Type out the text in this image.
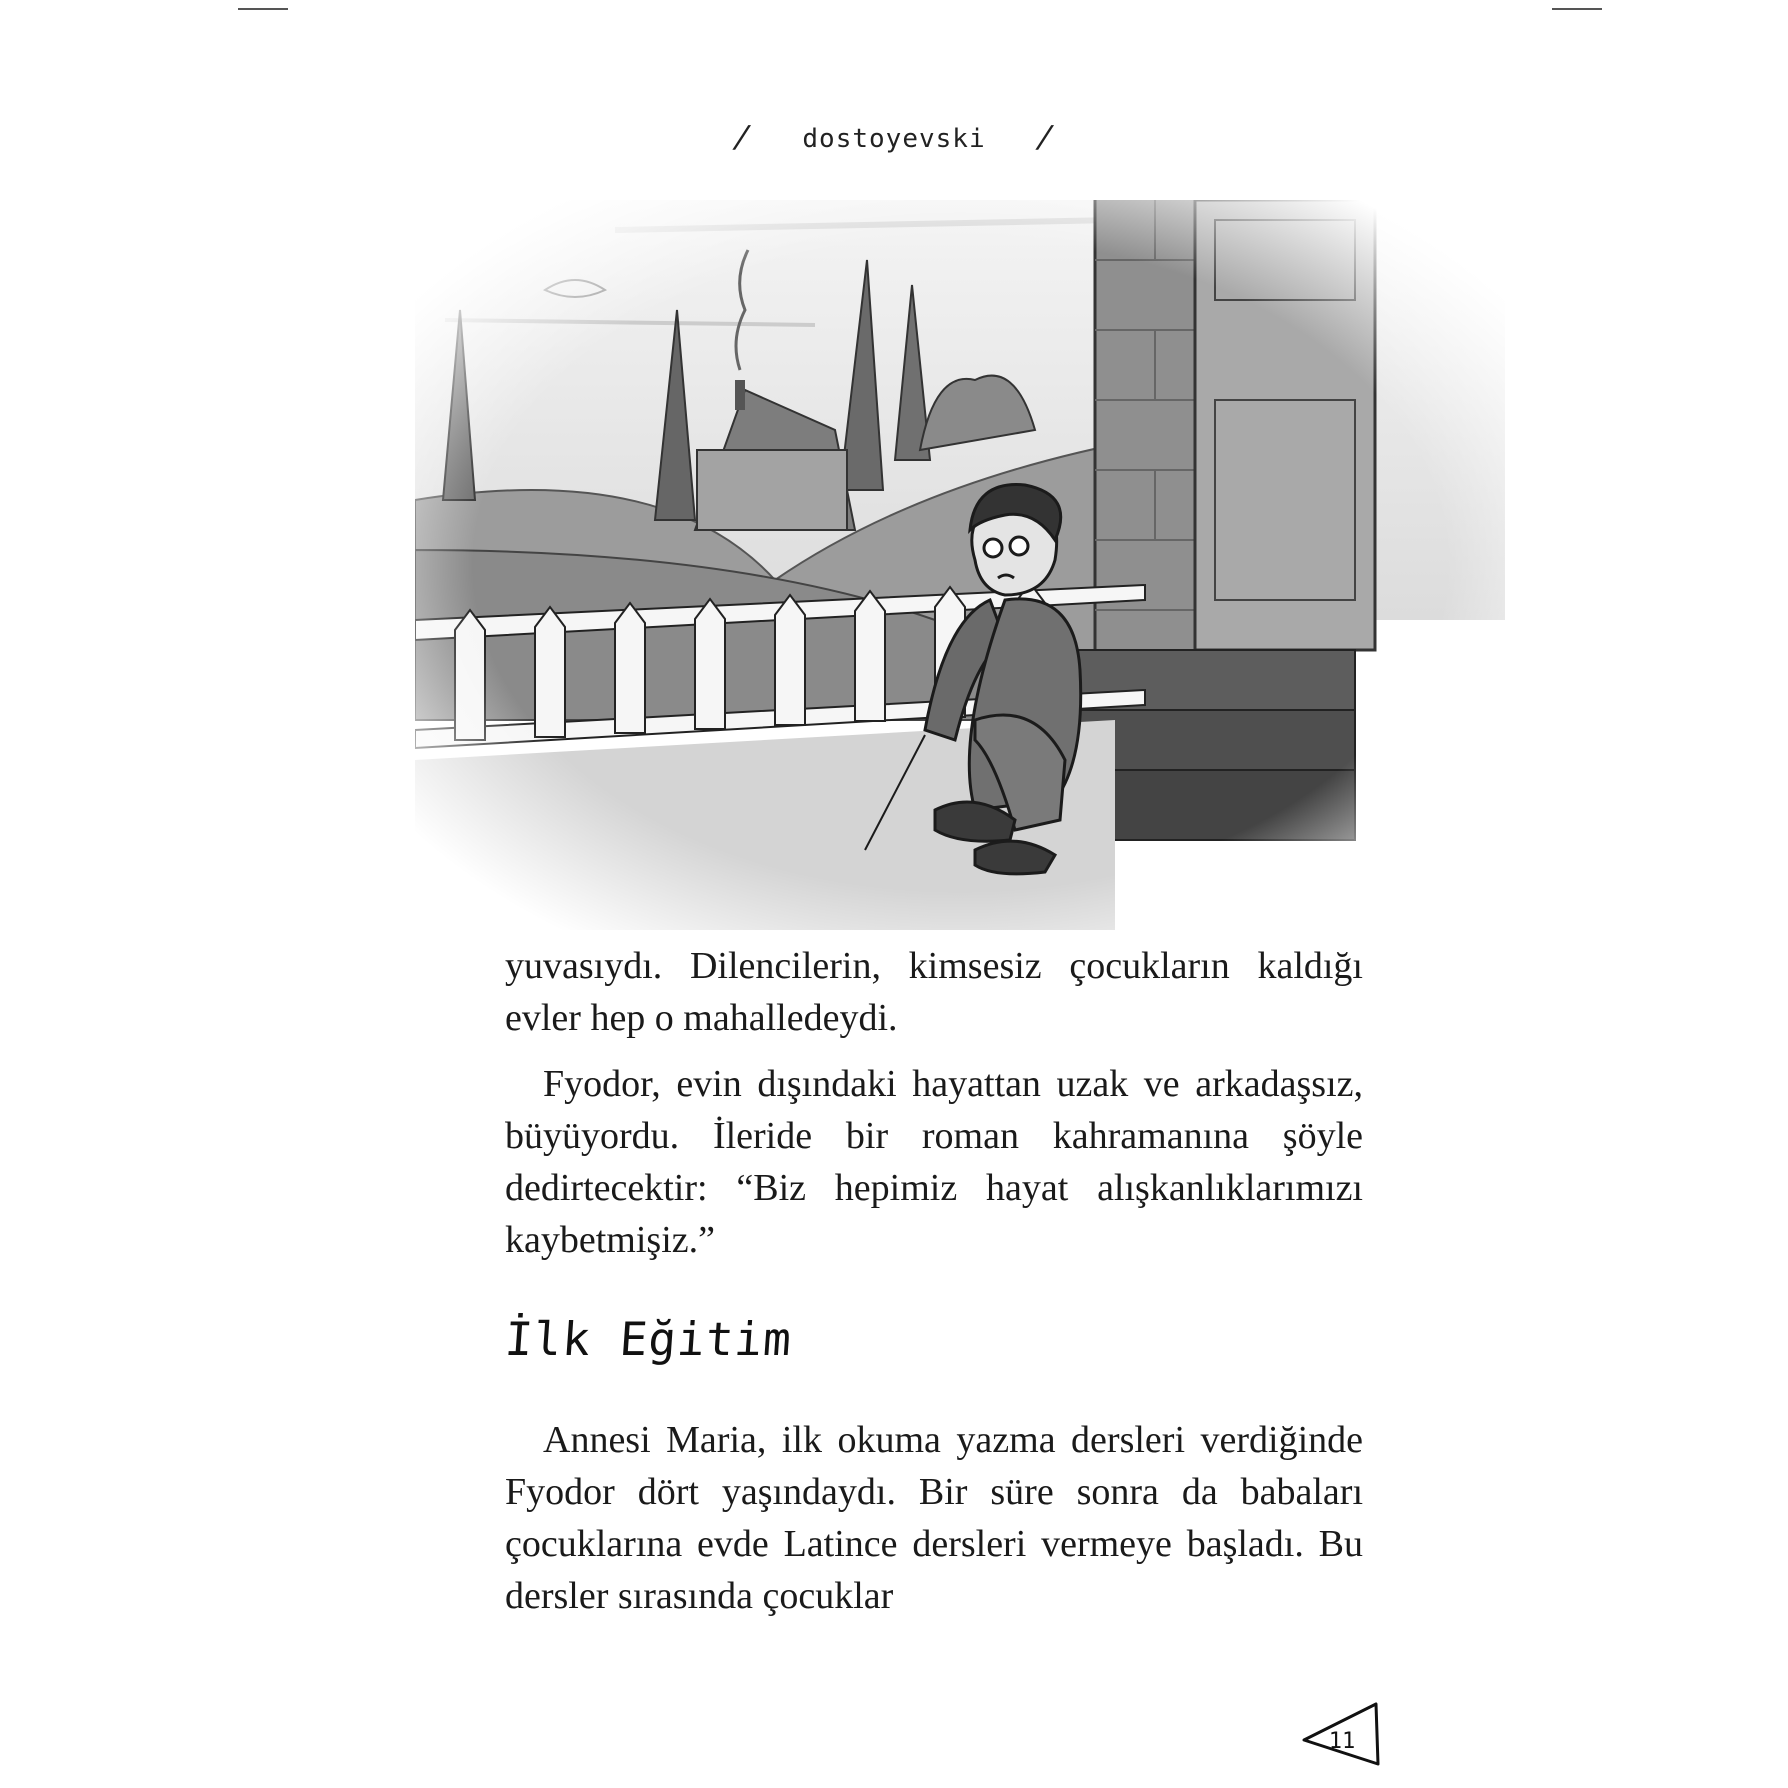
/ dostoyevski /

yuvasıydı. Dilencilerin, kimsesiz çocukların kaldığı evler hep o mahalledeydi.

Fyodor, evin dışındaki hayattan uzak ve arkadaşsız, büyüyordu. İleride bir roman kahramanına şöyle dedirtecektir: “Biz hepimiz hayat alışkanlıklarımızı kaybetmişiz.”

İlk Eğitim

Annesi Maria, ilk okuma yazma dersleri verdiğinde Fyodor dört yaşındaydı. Bir süre sonra da babaları çocuklarına evde Latince dersleri vermeye başladı. Bu dersler sırasında çocuklar

11
